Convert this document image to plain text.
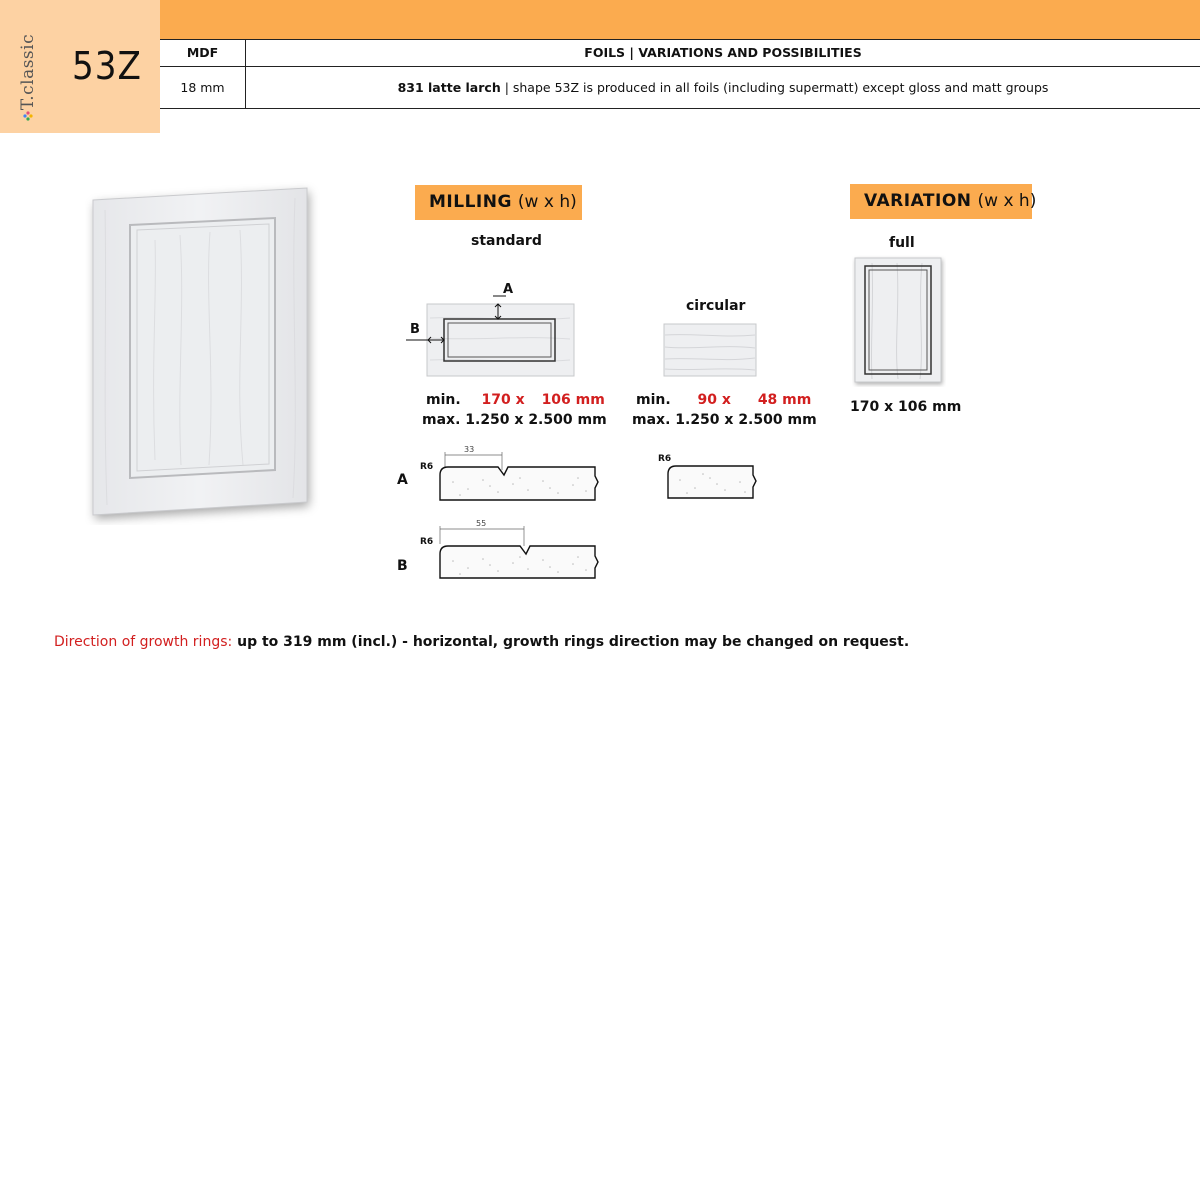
T.classic 53Z	MDF	FOILS | VARIATIONS AND POSSIBILITIES
18 mm	831 latte larch | shape 53Z is produced in all foils (including supermatt) except gloss and matt groups
MILLING (w x h)
standard
A
B
min. 170 x 106 mm
max. 1.250 x 2.500 mm
circular
min. 90 x 48 mm
max. 1.250 x 2.500 mm
A
R6
33
B
R6
55
R6
VARIATION (w x h)
full
170 x 106 mm
Direction of growth rings: up to 319 mm (incl.) - horizontal, growth rings direction may be changed on request.
